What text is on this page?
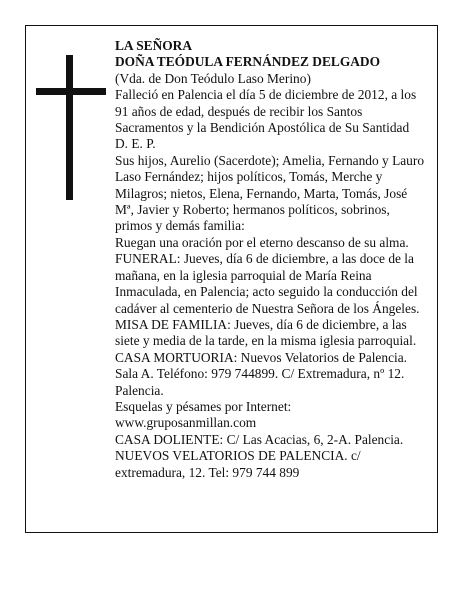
LA SEÑORA

DOÑA TEÓDULA FERNÁNDEZ DELGADO

(Vda. de Don Teódulo Laso Merino)

Falleció en Palencia el día 5 de diciembre de 2012, a los 91 años de edad, después de recibir los Santos Sacramentos y la Bendición Apostólica de Su Santidad

D. E. P.

Sus hijos, Aurelio (Sacerdote); Amelia, Fernando y Lauro Laso Fernández; hijos políticos, Tomás, Merche y Milagros; nietos, Elena, Fernando, Marta, Tomás, José Mª, Javier y Roberto; hermanos políticos, sobrinos, primos y demás familia:

Ruegan una oración por el eterno descanso de su alma.

FUNERAL: Jueves, día 6 de diciembre, a las doce de la mañana, en la iglesia parroquial de María Reina Inmaculada, en Palencia; acto seguido la conducción del cadáver al cementerio de Nuestra Señora de los Ángeles.

MISA DE FAMILIA: Jueves, día 6 de diciembre, a las siete y media de la tarde, en la misma iglesia parroquial.

CASA MORTUORIA: Nuevos Velatorios de Palencia. Sala A. Teléfono: 979 744899. C/ Extremadura, nº 12. Palencia.

Esquelas y pésames por Internet: www.gruposanmillan.com

CASA DOLIENTE: C/ Las Acacias, 6, 2-A. Palencia.

NUEVOS VELATORIOS DE PALENCIA. c/ extremadura, 12. Tel: 979 744 899
